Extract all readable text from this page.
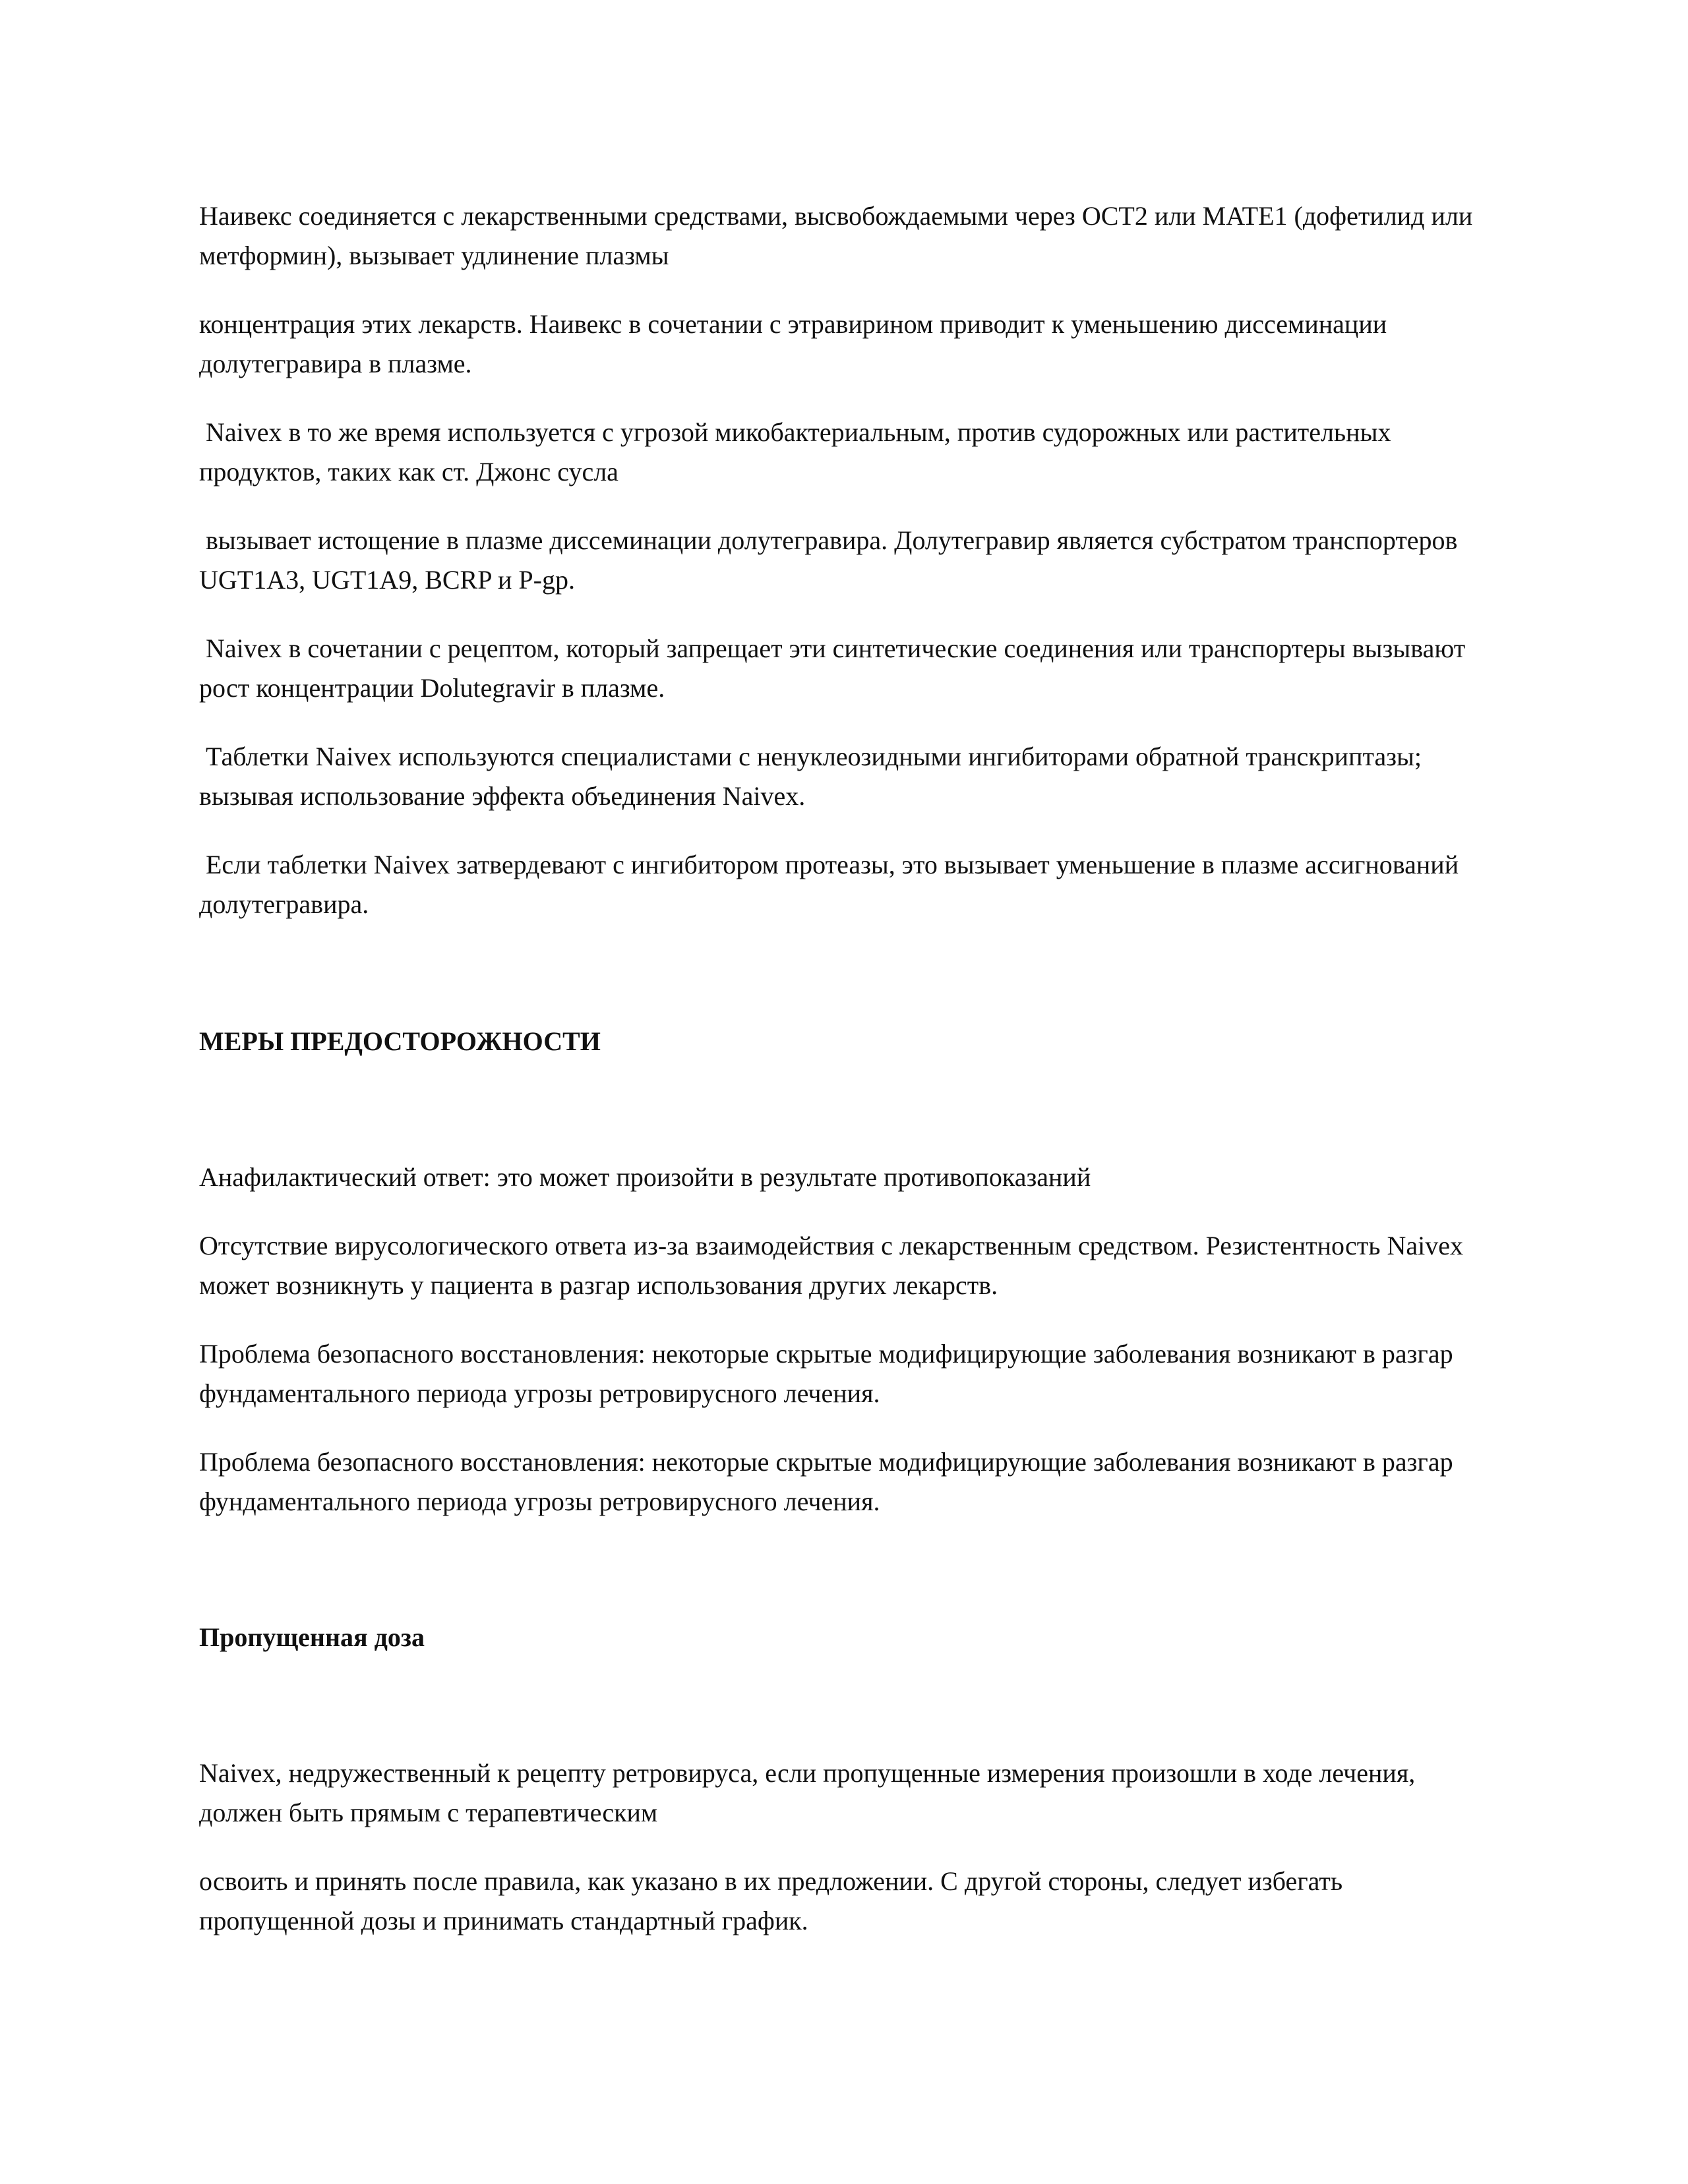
Наивекс соединяется с лекарственными средствами, высвобождаемыми через OCT2 или MATE1 (дофетилид или метформин), вызывает удлинение плазмы

концентрация этих лекарств. Наивекс в сочетании с этравирином приводит к уменьшению диссеминации долутегравира в плазме.

Naivex в то же время используется с угрозой микобактериальным, против судорожных или растительных продуктов, таких как ст. Джонс сусла

вызывает истощение в плазме диссеминации долутегравира. Долутегравир является субстратом транспортеров UGT1A3, UGT1A9, BCRP и P-gp.

Naivex в сочетании с рецептом, который запрещает эти синтетические соединения или транспортеры вызывают рост концентрации Dolutegravir в плазме.

Таблетки Naivex используются специалистами с ненуклеозидными ингибиторами обратной транскриптазы; вызывая использование эффекта объединения Naivex.

Если таблетки Naivex затвердевают с ингибитором протеазы, это вызывает уменьшение в плазме ассигнований долутегравира.

МЕРЫ ПРЕДОСТОРОЖНОСТИ

Анафилактический ответ: это может произойти в результате противопоказаний

Отсутствие вирусологического ответа из-за взаимодействия с лекарственным средством. Резистентность Naivex может возникнуть у пациента в разгар использования других лекарств.

Проблема безопасного восстановления: некоторые скрытые модифицирующие заболевания возникают в разгар фундаментального периода угрозы ретровирусного лечения.

Проблема безопасного восстановления: некоторые скрытые модифицирующие заболевания возникают в разгар фундаментального периода угрозы ретровирусного лечения.

Пропущенная доза

Naivex, недружественный к рецепту ретровируса, если пропущенные измерения произошли в ходе лечения, должен быть прямым с терапевтическим

освоить и принять после правила, как указано в их предложении. С другой стороны, следует избегать пропущенной дозы и принимать стандартный график.
